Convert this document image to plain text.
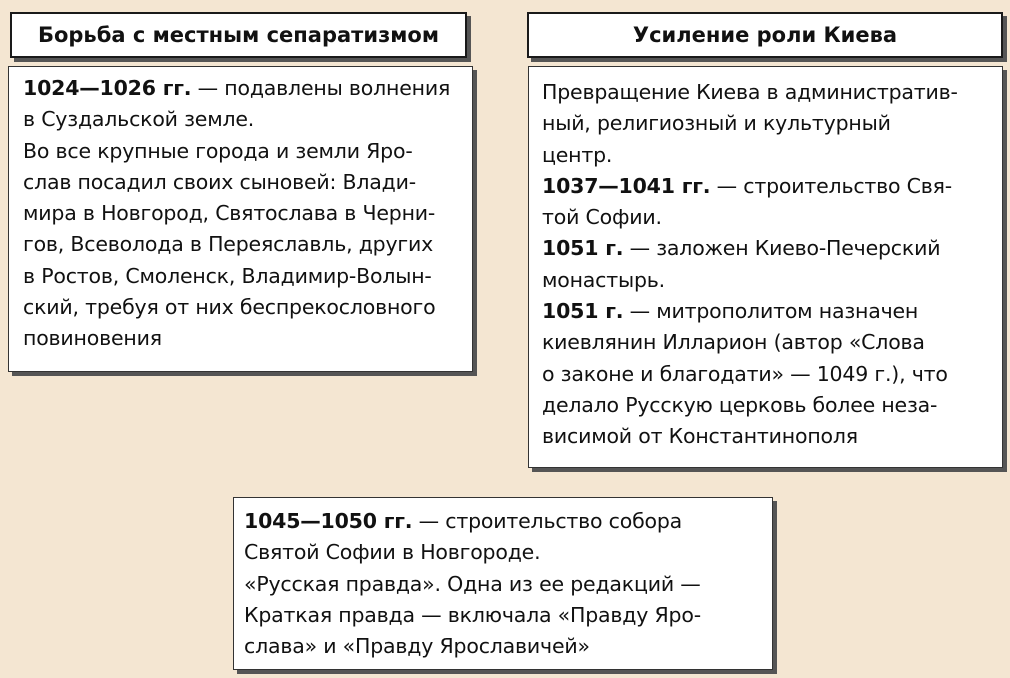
Борьба с местным сепаратизмом	Усиление роли Киева
1024—1026 гг. — подавлены волнения
в Суздальской земле.
Во все крупные города и земли Яро-
слав посадил своих сыновей: Влади-
мира в Новгород, Святослава в Черни-
гов, Всеволода в Переяславль, других
в Ростов, Смоленск, Владимир-Волын-
ский, требуя от них беспрекословного
повиновения
Превращение Киева в административ-
ный, религиозный и культурный
центр.
1037—1041 гг. — строительство Свя-
той Софии.
1051 г. — заложен Киево-Печерский
монастырь.
1051 г. — митрополитом назначен
киевлянин Илларион (автор «Слова
о законе и благодати» — 1049 г.), что
делало Русскую церковь более неза-
висимой от Константинополя
1045—1050 гг. — строительство собора
Святой Софии в Новгороде.
«Русская правда». Одна из ее редакций —
Краткая правда — включала «Правду Яро-
слава» и «Правду Ярославичей»
